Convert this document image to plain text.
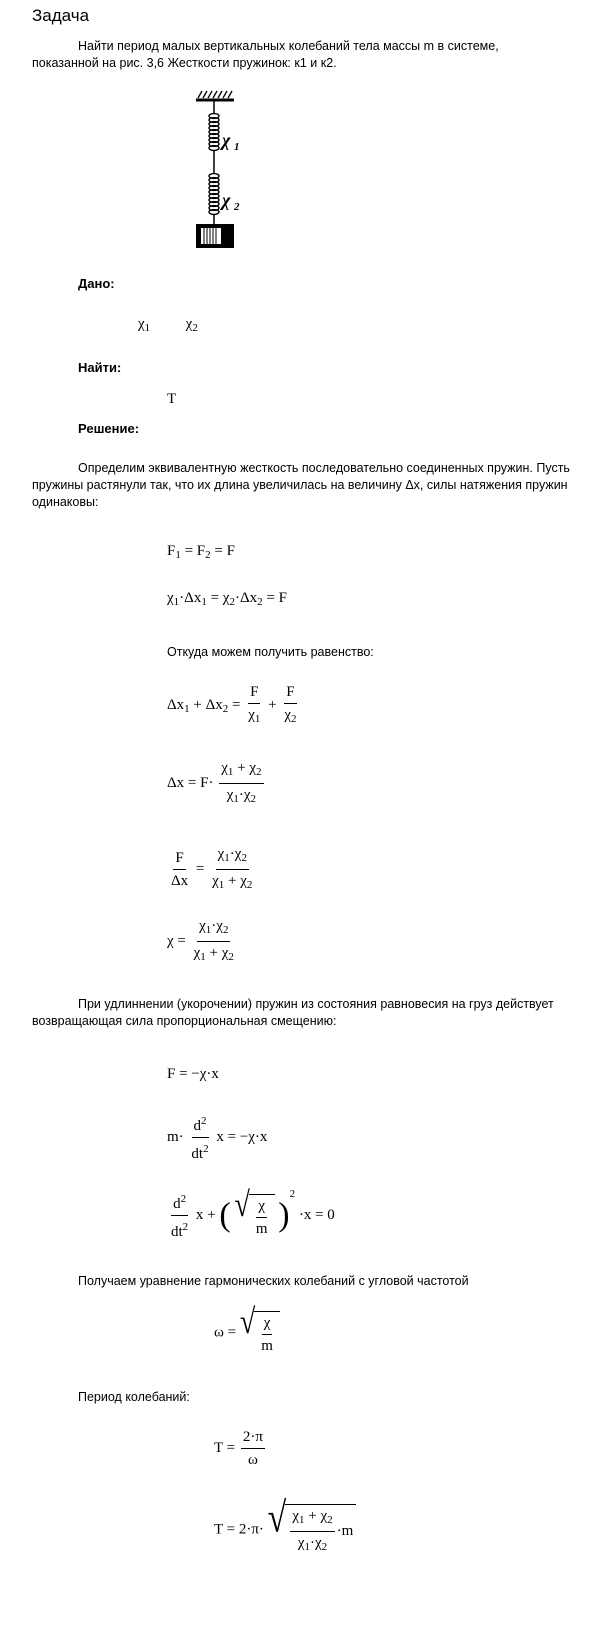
Задача
Найти период малых вертикальных колебаний тела массы m в системе, показанной на рис. 3,6 Жесткости пружинок: к1 и к2.
χ 1
χ 2
Дано:
$\chi_1$ $\chi_2$
Найти:
T
Решение:
Определим эквивалентную жесткость последовательно соединенных пружин. Пусть пружины растянули так, что их длина увеличилась на величину Δx, силы натяжения пружин одинаковы:
$F_1 = F_2 = F$
$\chi_1\cdot\Delta x_1 = \chi_2\cdot\Delta x_2 = F$
Откуда можем получить равенство:
$\Delta x_1 + \Delta x_2 = \frac{F}{\chi_1} + \frac{F}{\chi_2}$
$\Delta x = F\cdot \frac{\chi_1 + \chi_2}{\chi_1\cdot\chi_2}$
$\frac{F}{\Delta x} = \frac{\chi_1\cdot\chi_2}{\chi_1 + \chi_2}$
$\chi = \frac{\chi_1\cdot\chi_2}{\chi_1 + \chi_2}$
При удлиннении (укорочении) пружин из состояния равновесия на груз действует возвращающая сила пропорциональная смещению:
F = −χ·x
$m\cdot \frac{d^2}{dt^2}$ x = −χ·x
$\frac{d^2}{dt^2}$ x + ( √ $\frac{\chi}{m} )^2 \cdot x = 0$
Получаем уравнение гармонических колебаний с угловой частотой
ω = √ $\frac{\chi}{m}$
Период колебаний:
$T = \frac{2\cdot\pi}{\omega}$
T = 2·π· √ $\frac{\chi_1 + \chi_2}{\chi_1\cdot\chi_2} \cdot m$
